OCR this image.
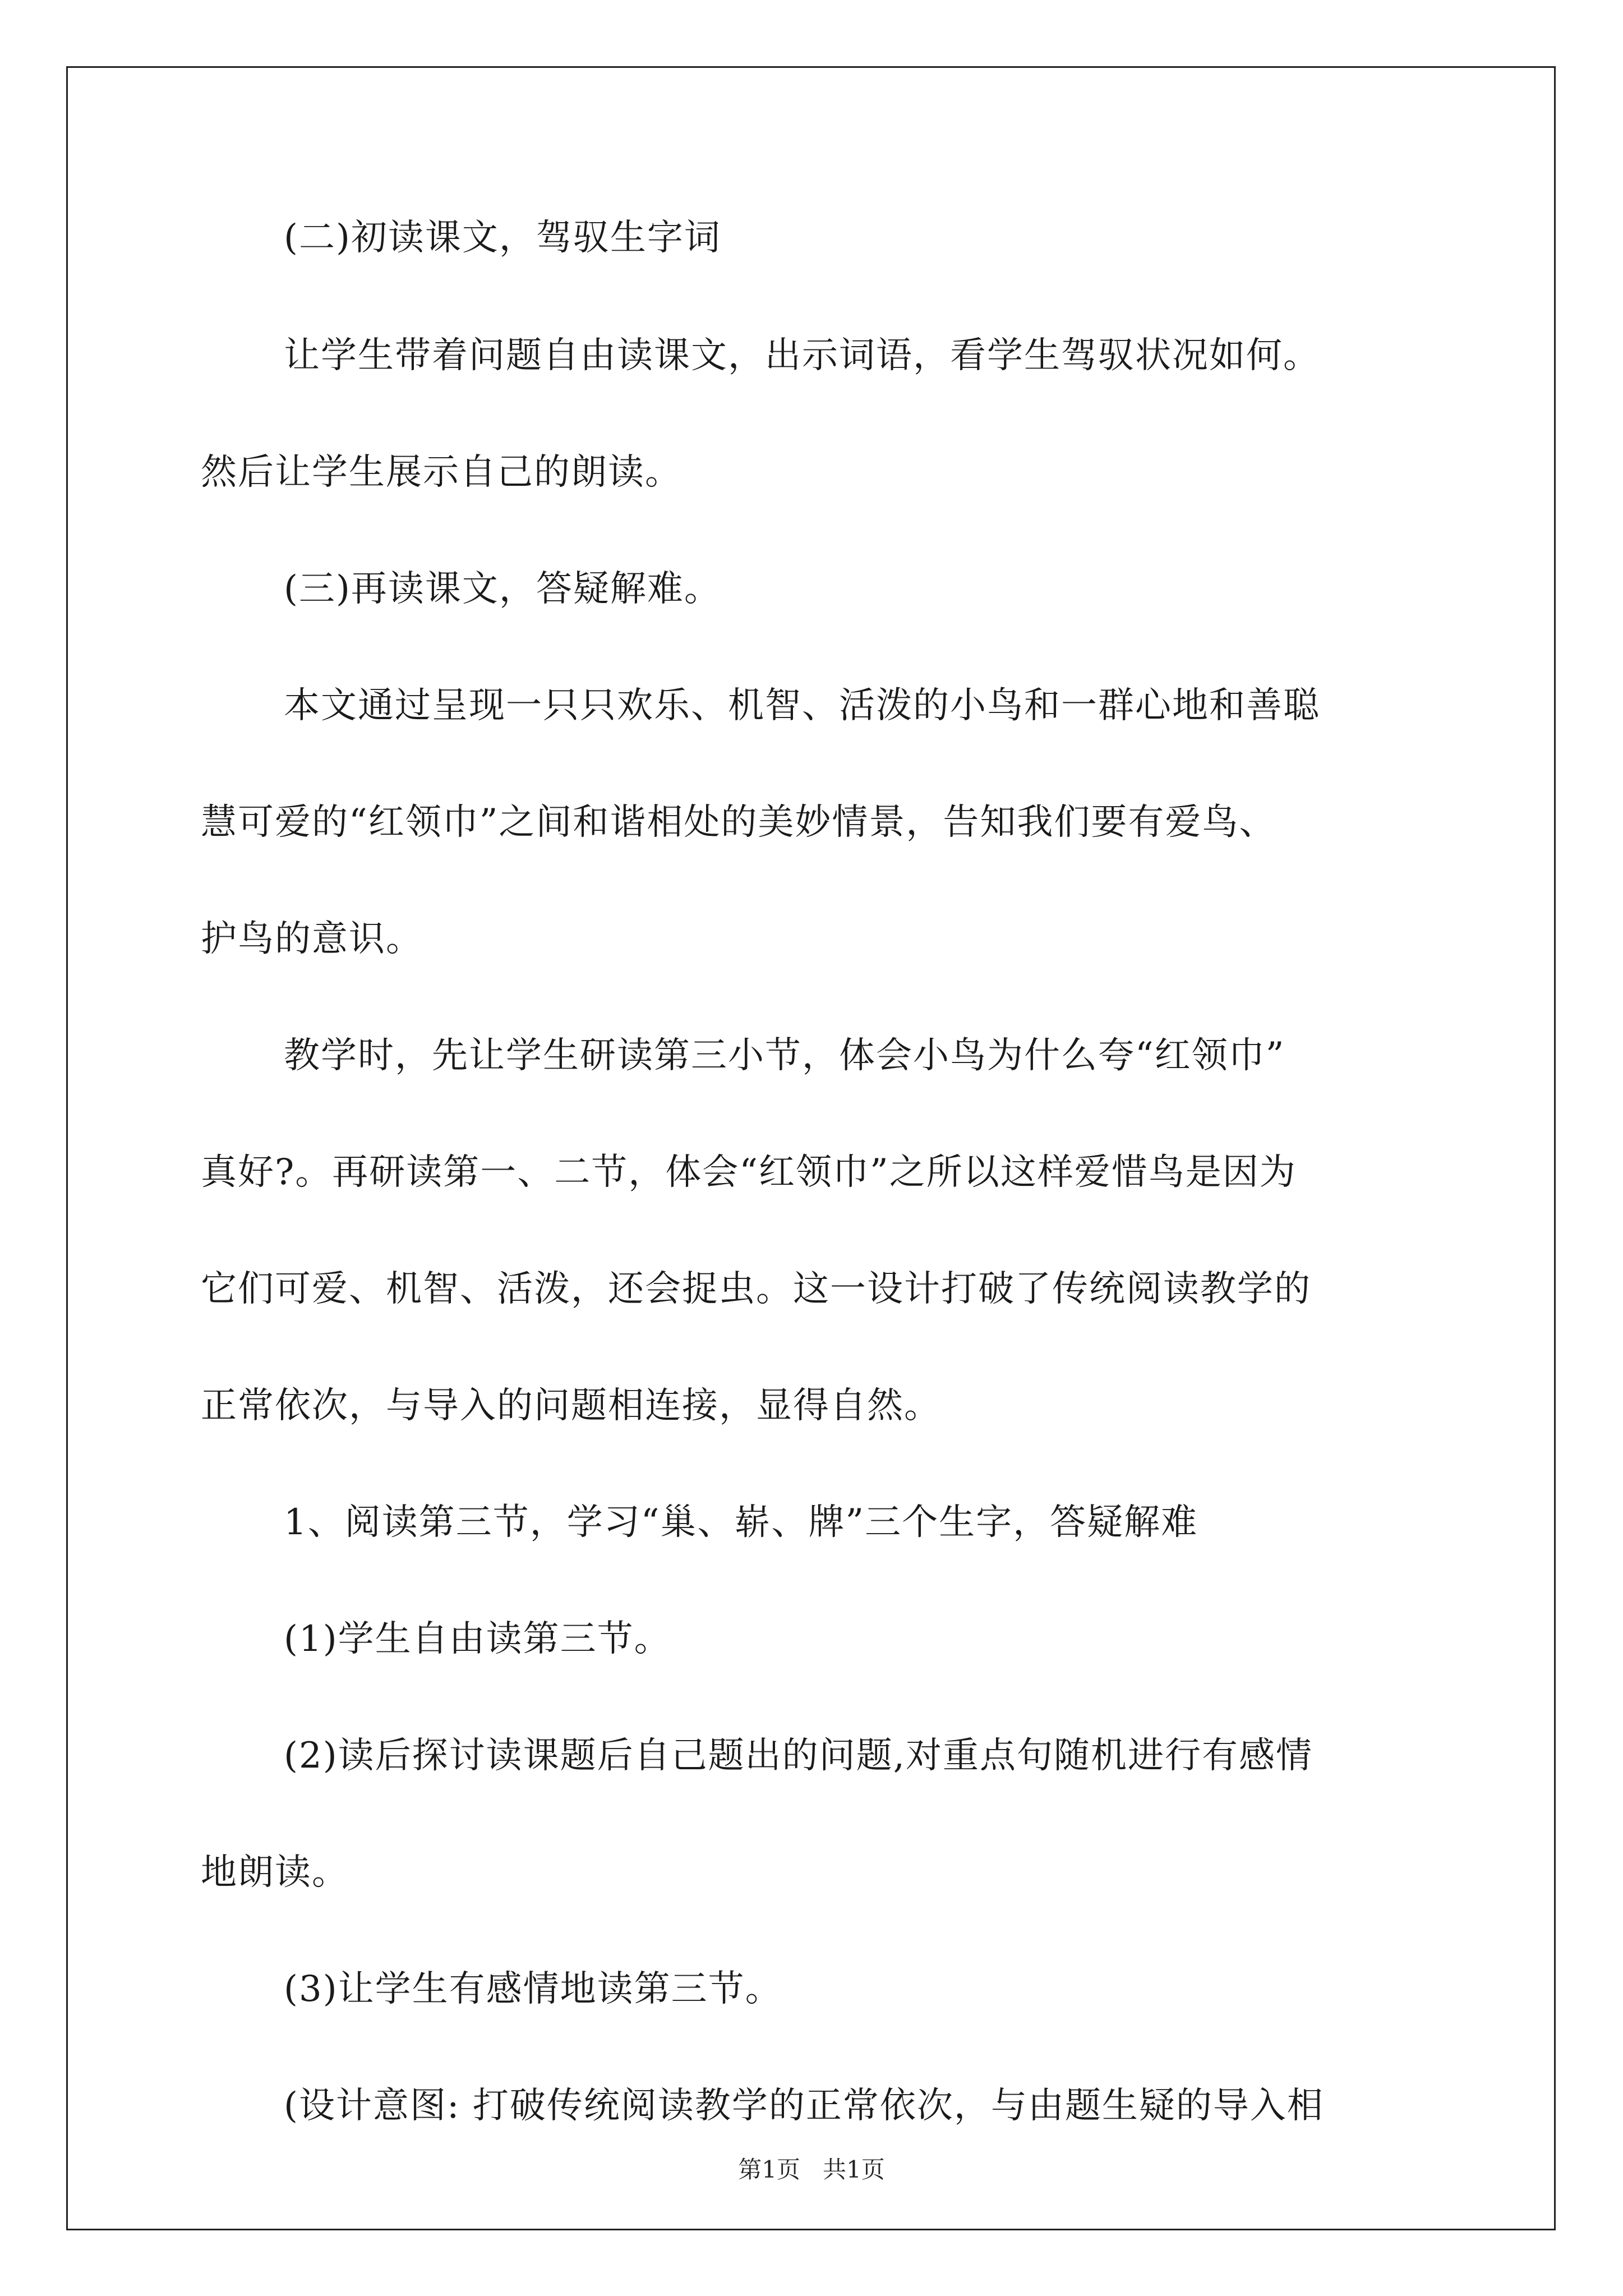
(二)初读课文，驾驭生字词
让学生带着问题自由读课文，出示词语，看学生驾驭状况如何。
然后让学生展示自己的朗读。
(三)再读课文，答疑解难。
本文通过呈现一只只欢乐、机智、活泼的小鸟和一群心地和善聪
慧可爱的“红领巾”之间和谐相处的美妙情景，告知我们要有爱鸟、
护鸟的意识。
教学时，先让学生研读第三小节，体会小鸟为什么夸“红领巾”
真好?。再研读第一、二节，体会“红领巾”之所以这样爱惜鸟是因为
它们可爱、机智、活泼，还会捉虫。这一设计打破了传统阅读教学的
正常依次，与导入的问题相连接，显得自然。
1、阅读第三节，学习“巢、崭、牌”三个生字，答疑解难
(1)学生自由读第三节。
(2)读后探讨读课题后自己题出的问题,对重点句随机进行有感情
地朗读。
(3)让学生有感情地读第三节。
(设计意图: 打破传统阅读教学的正常依次，与由题生疑的导入相
第1页   共1页
